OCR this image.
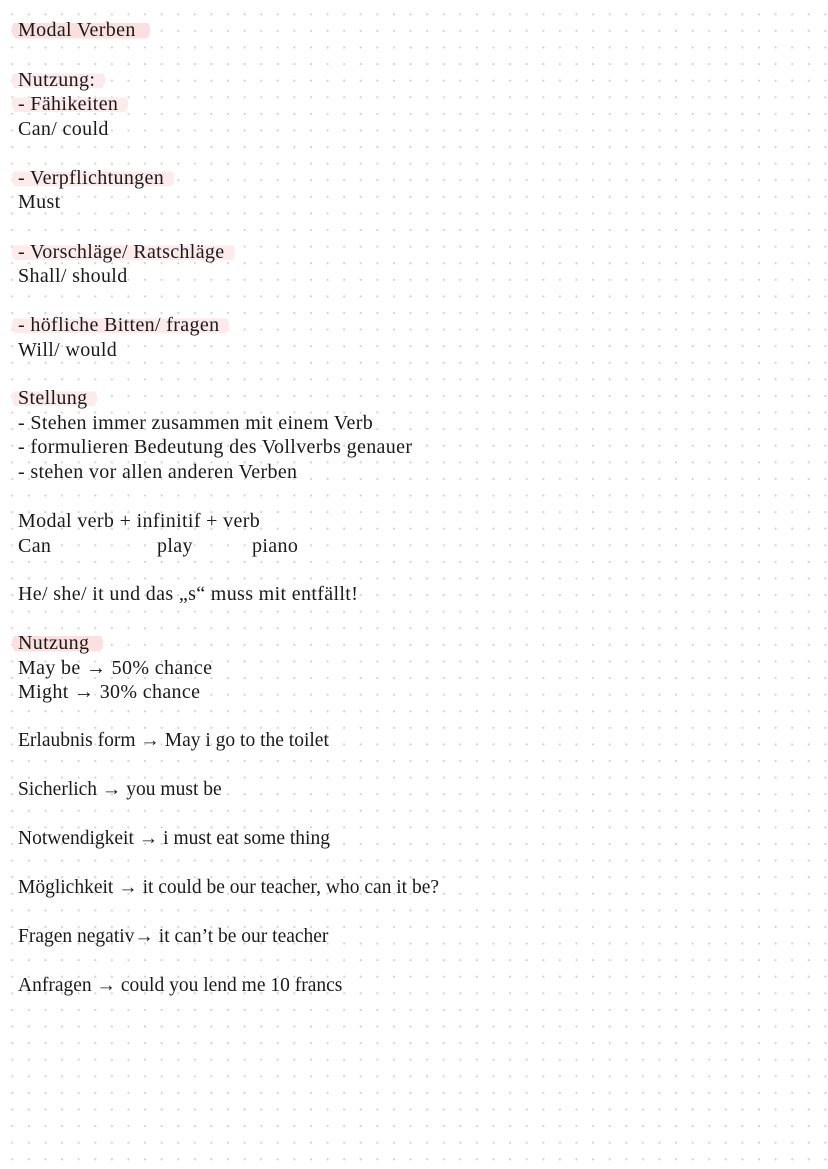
Modal Verben

Nutzung:

- Fähikeiten

Can/ could

- Verpflichtungen

Must

- Vorschläge/ Ratschläge

Shall/ should

- höfliche Bitten/ fragen

Will/ would

Stellung

- Stehen immer zusammen mit einem Verb

- formulieren Bedeutung des Vollverbs genauer

- stehen vor allen anderen Verben

Modal verb + infinitif + verb

Can	play	piano

He/ she/ it und das „s“ muss mit entfällt!

Nutzung

May be → 50% chance

Might → 30% chance

Erlaubnis form → May i go to the toilet

Sicherlich → you must be

Notwendigkeit → i must eat some thing

Möglichkeit → it could be our teacher, who can it be?

Fragen negativ→ it can’t be our teacher

Anfragen → could you lend me 10 francs
